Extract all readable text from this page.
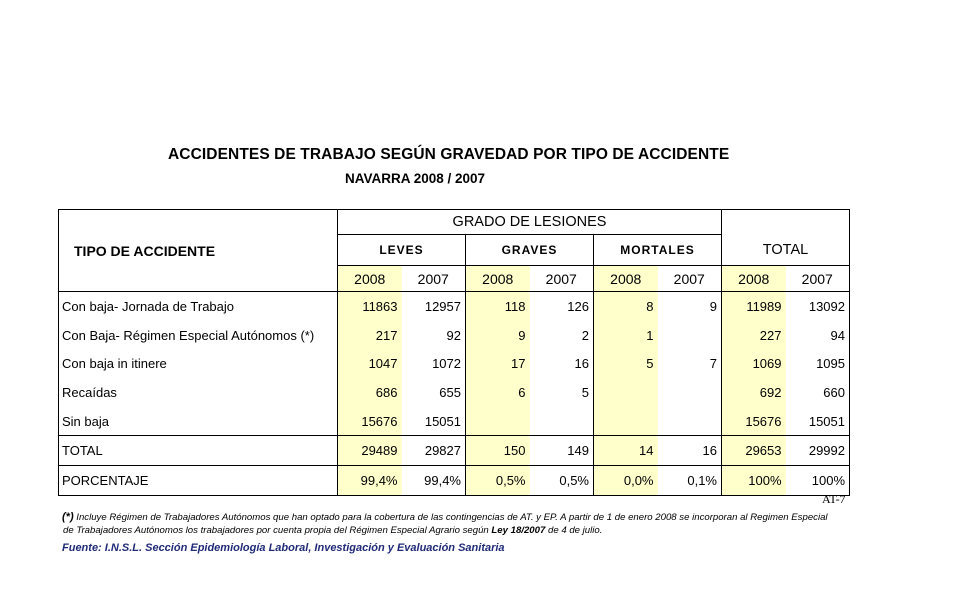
ACCIDENTES DE TRABAJO SEGÚN GRAVEDAD POR TIPO DE ACCIDENTE
NAVARRA 2008 / 2007
TIPO DE ACCIDENTE	GRADO DE LESIONES						TOTAL	
	LEVES		GRAVES		MORTALES			
	2008	2007	2008	2007	2008	2007	2008	2007
Con baja- Jornada de Trabajo	11863	12957	118	126	8	9	11989	13092
Con Baja- Régimen Especial Autónomos (*)	217	92	9	2	1		227	94
Con baja in itinere	1047	1072	17	16	5	7	1069	1095
Recaídas	686	655	6	5			692	660
Sin baja	15676	15051					15676	15051
TOTAL	29489	29827	150	149	14	16	29653	29992
PORCENTAJE	99,4%	99,4%	0,5%	0,5%	0,0%	0,1%	100%	100%
AT-7
(*) Incluye Régimen de Trabajadores Autónomos que han optado para la cobertura de las contingencias de AT. y EP. A partir de 1 de enero 2008 se incorporan al Regimen Especial
de Trabajadores Autónomos los trabajadores por cuenta propia del Régimen Especial Agrario según Ley 18/2007 de 4 de julio.
Fuente: I.N.S.L. Sección Epidemiología Laboral, Investigación y Evaluación Sanitaria
